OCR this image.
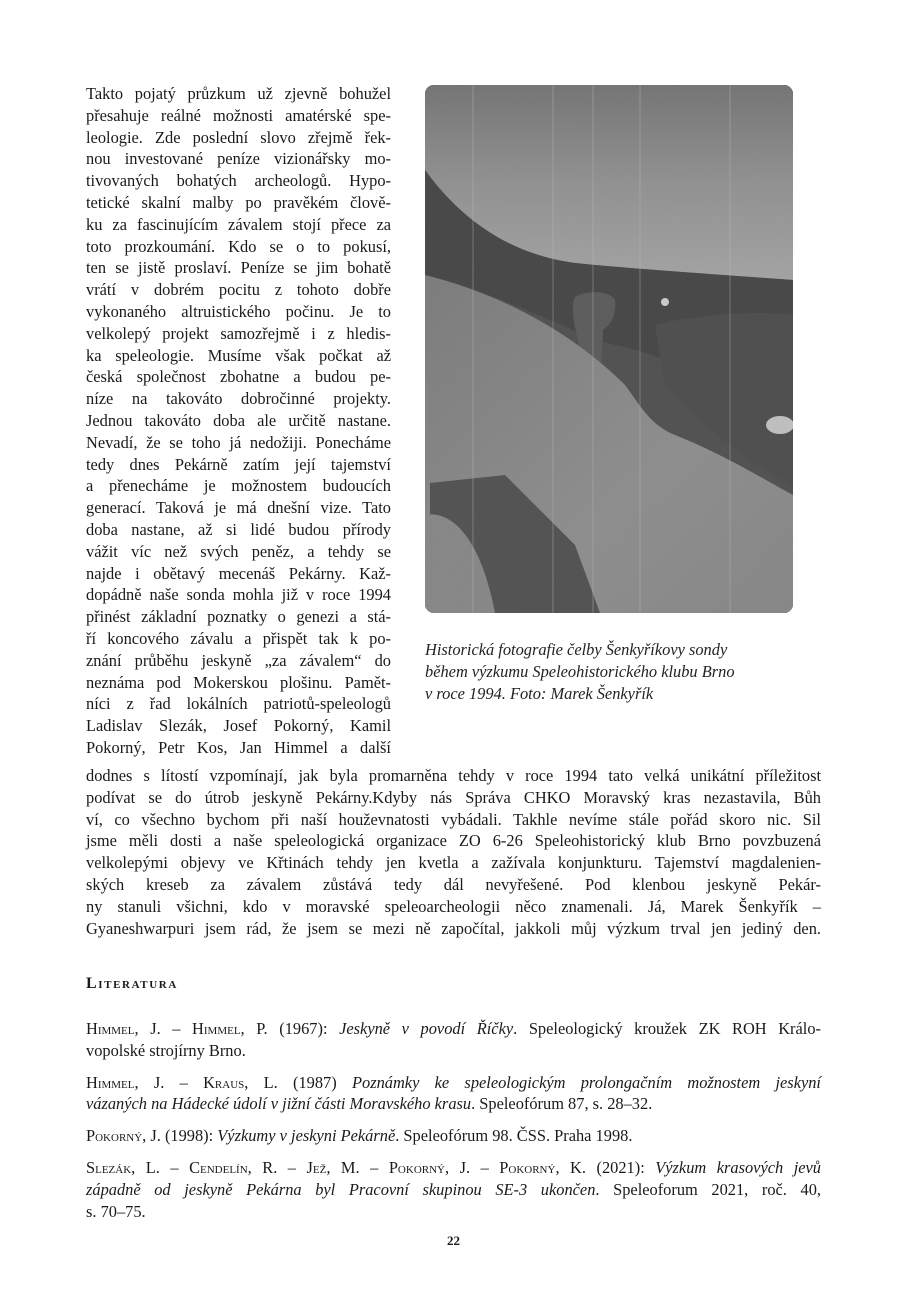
Takto pojatý průzkum už zjevně bohužel
přesahuje reálné možnosti amatérské spe-
leologie. Zde poslední slovo zřejmě řek-
nou investované peníze vizionářsky mo-
tivovaných bohatých archeologů. Hypo-
tetické skalní malby po pravěkém člově-
ku za fascinujícím závalem stojí přece za
toto prozkoumání. Kdo se o to pokusí,
ten se jistě proslaví. Peníze se jim bohatě
vrátí v dobrém pocitu z tohoto dobře
vykonaného altruistického počinu. Je to
velkolepý projekt samozřejmě i z hledis-
ka speleologie. Musíme však počkat až
česká společnost zbohatne a budou pe-
níze na takováto dobročinné projekty.
Jednou takováto doba ale určitě nastane.
Nevadí, že se toho já nedožiji. Ponecháme
tedy dnes Pekárně zatím její tajemství
a přenecháme je možnostem budoucích
generací. Taková je má dnešní vize. Tato
doba nastane, až si lidé budou přírody
vážit víc než svých peněz, a tehdy se
najde i obětavý mecenáš Pekárny. Kaž-
dopádně naše sonda mohla již v roce 1994
přinést základní poznatky o genezi a stá-
ří koncového závalu a přispět tak k po-
znání průběhu jeskyně „za závalem“ do
neznáma pod Mokerskou plošinu. Pamět-
níci z řad lokálních patriotů-speleologů
Ladislav Slezák, Josef Pokorný, Kamil
Pokorný, Petr Kos, Jan Himmel a další
Historická fotografie čelby Šenkyříkovy sondy
během výzkumu Speleohistorického klubu Brno
v roce 1994. Foto: Marek Šenkyřík
dodnes s lítostí vzpomínají, jak byla promarněna tehdy v roce 1994 tato velká unikátní příležitost
podívat se do útrob jeskyně Pekárny.Kdyby nás Správa CHKO Moravský kras nezastavila, Bůh
ví, co všechno bychom při naší houževnatosti vybádali. Takhle nevíme stále pořád skoro nic. Sil
jsme měli dosti a naše speleologická organizace ZO 6-26 Speleohistorický klub Brno povzbuzená
velkolepými objevy ve Křtinách tehdy jen kvetla a zažívala konjunkturu. Tajemství magdalenien-
ských kreseb za závalem zůstává tedy dál nevyřešené. Pod klenbou jeskyně Pekár-
ny stanuli všichni, kdo v moravské speleoarcheologii něco znamenali. Já, Marek Šenkyřík –
Gyaneshwarpuri jsem rád, že jsem se mezi ně započítal, jakkoli můj výzkum trval jen jediný den.
Literatura
Himmel, J. – Himmel, P. (1967): Jeskyně v povodí Říčky. Speleologický kroužek ZK ROH Králo-
vopolské strojírny Brno.
Himmel, J. – Kraus, L. (1987) Poznámky ke speleologickým prolongačním možnostem jeskyní
vázaných na Hádecké údolí v jižní části Moravského krasu. Speleofórum 87, s. 28–32.
Pokorný, J. (1998): Výzkumy v jeskyni Pekárně. Speleofórum 98. ČSS. Praha 1998.
Slezák, L. – Cendelín, R. – Jež, M. – Pokorný, J. – Pokorný, K. (2021): Výzkum krasových jevů
západně od jeskyně Pekárna byl Pracovní skupinou SE-3 ukončen. Speleoforum 2021, roč. 40,
s. 70–75.
22
